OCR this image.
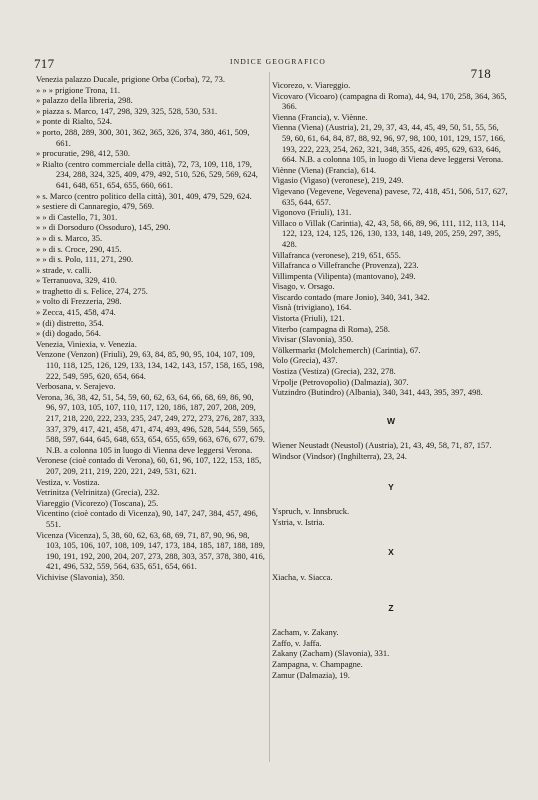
717	INDICE GEOGRAFICO
718

Venezia palazzo Ducale, prigione Orba (Corba), 72, 73.

» » » prigione Trona, 11.

» palazzo della libreria, 298.

» piazza s. Marco, 147, 298, 329, 325, 528, 530, 531.

» ponte di Rialto, 524.

» porto, 288, 289, 300, 301, 362, 365, 326, 374, 380, 461, 509, 661.

» procuratie, 298, 412, 530.

» Rialto (centro commerciale della città), 72, 73, 109, 118, 179, 234, 288, 324, 325, 409, 479, 492, 510, 526, 529, 569, 624, 641, 648, 651, 654, 655, 660, 661.

» s. Marco (centro politico della città), 301, 409, 479, 529, 624.

» sestiere di Cannaregio, 479, 569.

» » di Castello, 71, 301.

» » di Dorsoduro (Ossoduro), 145, 290.

» » di s. Marco, 35.

» » di s. Croce, 290, 415.

» » di s. Polo, 111, 271, 290.

» strade, v. calli.

» Terranuova, 329, 410.

» traghetto di s. Felice, 274, 275.

» volto di Frezzeria, 298.

» Zecca, 415, 458, 474.

» (di) distretto, 354.

» (di) dogado, 564.

Venezia, Viniexia, v. Venezia.

Venzone (Venzon) (Friuli), 29, 63, 84, 85, 90, 95, 104, 107, 109, 110, 118, 125, 126, 129, 133, 134, 142, 143, 157, 158, 165, 198, 222, 549, 595, 620, 654, 664.

Verbosana, v. Serajevo.

Verona, 36, 38, 42, 51, 54, 59, 60, 62, 63, 64, 66, 68, 69, 86, 90, 96, 97, 103, 105, 107, 110, 117, 120, 186, 187, 207, 208, 209, 217, 218, 220, 222, 233, 235, 247, 249, 272, 273, 276, 287, 333, 337, 379, 417, 421, 458, 471, 474, 493, 496, 528, 544, 559, 565, 588, 597, 644, 645, 648, 653, 654, 655, 659, 663, 676, 677, 679. N.B. a colonna 105 in luogo di Vienna deve leggersi Verona.

Veronese (cioè contado di Verona), 60, 61, 96, 107, 122, 153, 185, 207, 209, 211, 219, 220, 221, 249, 531, 621.

Vestiza, v. Vostiza.

Vetrinitza (Velrinitza) (Grecia), 232.

Viareggio (Vicorezo) (Toscana), 25.

Vicentino (cioè contado di Vicenza), 90, 147, 247, 384, 457, 496, 551.

Vicenza (Vicenza), 5, 38, 60, 62, 63, 68, 69, 71, 87, 90, 96, 98, 103, 105, 106, 107, 108, 109, 147, 173, 184, 185, 187, 188, 189, 190, 191, 192, 200, 204, 207, 273, 288, 303, 357, 378, 380, 416, 421, 496, 532, 559, 564, 635, 651, 654, 661.

Vichivise (Slavonia), 350.

Vicorezo, v. Viareggio.

Vicovaro (Vicoaro) (campagna di Roma), 44, 94, 170, 258, 364, 365, 366.

Vienna (Francia), v. Viènne.

Vienna (Viena) (Austria), 21, 29, 37, 43, 44, 45, 49, 50, 51, 55, 56, 59, 60, 61, 64, 84, 87, 88, 92, 96, 97, 98, 100, 101, 129, 157, 166, 193, 222, 223, 254, 262, 321, 348, 355, 426, 495, 629, 633, 646, 664. N.B. a colonna 105, in luogo di Viena deve leggersi Verona.

Viènne (Viena) (Francia), 614.

Vigasio (Vigaso) (veronese), 219, 249.

Vigevano (Vegevene, Vegevena) pavese, 72, 418, 451, 506, 517, 627, 635, 644, 657.

Vigonovo (Friuli), 131.

Villaco o Villak (Carintia), 42, 43, 58, 66, 89, 96, 111, 112, 113, 114, 122, 123, 124, 125, 126, 130, 133, 148, 149, 205, 259, 297, 395, 428.

Villafranca (veronese), 219, 651, 655.

Villafranca o Villefranche (Provenza), 223.

Villimpenta (Vilipenta) (mantovano), 249.

Visago, v. Orsago.

Viscardo contado (mare Jonio), 340, 341, 342.

Visnà (trivigiano), 164.

Vistorta (Friuli), 121.

Viterbo (campagna di Roma), 258.

Vivisar (Slavonia), 350.

Völkermarkt (Molchemerch) (Carintia), 67.

Volo (Grecia), 437.

Vostiza (Vestiza) (Grecia), 232, 278.

Vrpolje (Petrovopolio) (Dalmazia), 307.

Vutzindro (Butindro) (Albania), 340, 341, 443, 395, 397, 498.

W

Wiener Neustadt (Neustol) (Austria), 21, 43, 49, 58, 71, 87, 157.

Windsor (Vindsor) (Inghilterra), 23, 24.

Y

Yspruch, v. Innsbruck.

Ystria, v. Istria.

X

Xiacha, v. Siacca.

Z

Zacham, v. Zakany.

Zaffo, v. Jaffa.

Zakany (Zacham) (Slavonia), 331.

Zampagna, v. Champagne.

Zamur (Dalmazia), 19.
